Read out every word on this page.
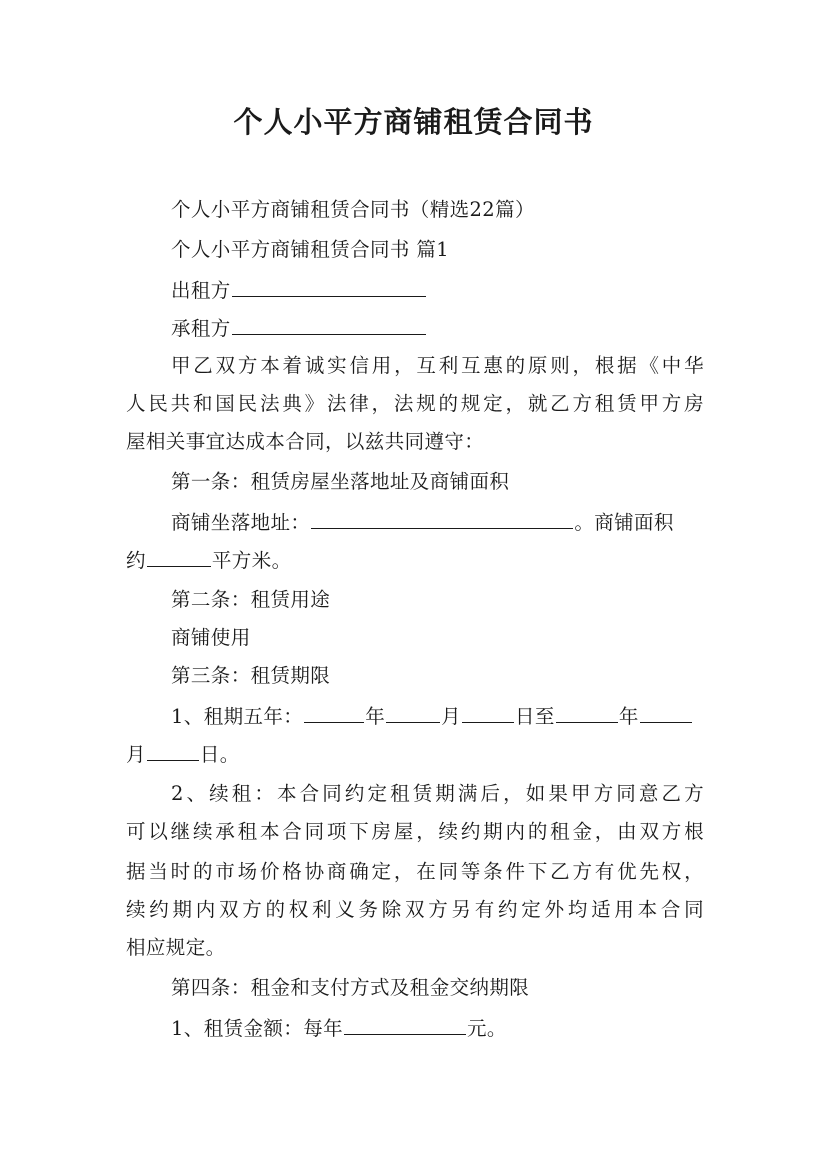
个人小平方商铺租赁合同书
个人小平方商铺租赁合同书（精选22篇）
个人小平方商铺租赁合同书 篇1
出租方
承租方
甲乙双方本着诚实信用，互利互惠的原则，根据《中华
人民共和国民法典》法律，法规的规定，就乙方租赁甲方房
屋相关事宜达成本合同，以兹共同遵守：
第一条：租赁房屋坐落地址及商铺面积
商铺坐落地址：	。商铺面积
约	平方米。
第二条：租赁用途
商铺使用
第三条：租赁期限
1、租期五年：	年	月	日至	年
月	日。
2、续租：本合同约定租赁期满后，如果甲方同意乙方
可以继续承租本合同项下房屋，续约期内的租金，由双方根
据当时的市场价格协商确定，在同等条件下乙方有优先权，
续约期内双方的权利义务除双方另有约定外均适用本合同
相应规定。
第四条：租金和支付方式及租金交纳期限
1、租赁金额：每年	元。
